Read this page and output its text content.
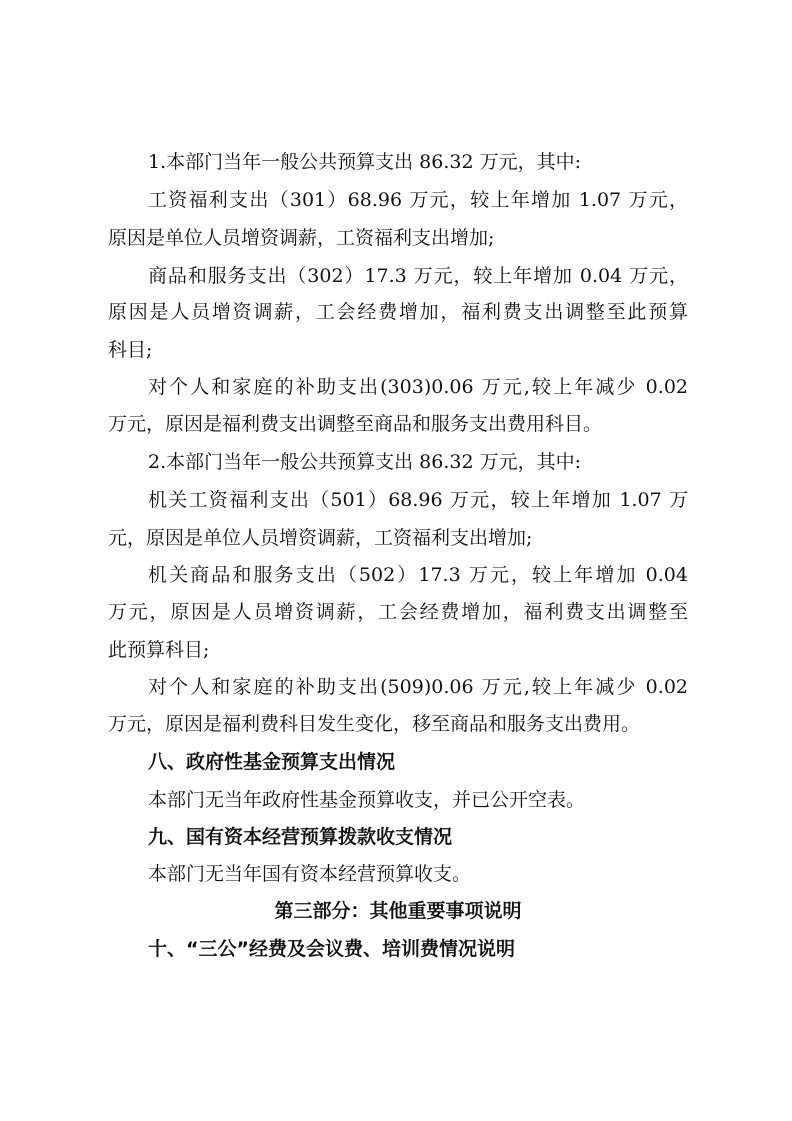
1.本部门当年一般公共预算支出 86.32 万元，其中:
工资福利支出（301）68.96 万元，较上年增加 1.07 万元，
原因是单位人员增资调薪，工资福利支出增加;
商品和服务支出（302）17.3 万元，较上年增加 0.04 万元，
原因是人员增资调薪，工会经费增加，福利费支出调整至此预算
科目;
对个人和家庭的补助支出(303)0.06 万元,较上年减少 0.02
万元，原因是福利费支出调整至商品和服务支出费用科目。
2.本部门当年一般公共预算支出 86.32 万元，其中:
机关工资福利支出（501）68.96 万元，较上年增加 1.07 万
元，原因是单位人员增资调薪，工资福利支出增加;
机关商品和服务支出（502）17.3 万元，较上年增加 0.04
万元，原因是人员增资调薪，工会经费增加，福利费支出调整至
此预算科目;
对个人和家庭的补助支出(509)0.06 万元,较上年减少 0.02
万元，原因是福利费科目发生变化，移至商品和服务支出费用。
八、政府性基金预算支出情况
本部门无当年政府性基金预算收支，并已公开空表。
九、国有资本经营预算拨款收支情况
本部门无当年国有资本经营预算收支。
第三部分：其他重要事项说明
十、“三公”经费及会议费、培训费情况说明
